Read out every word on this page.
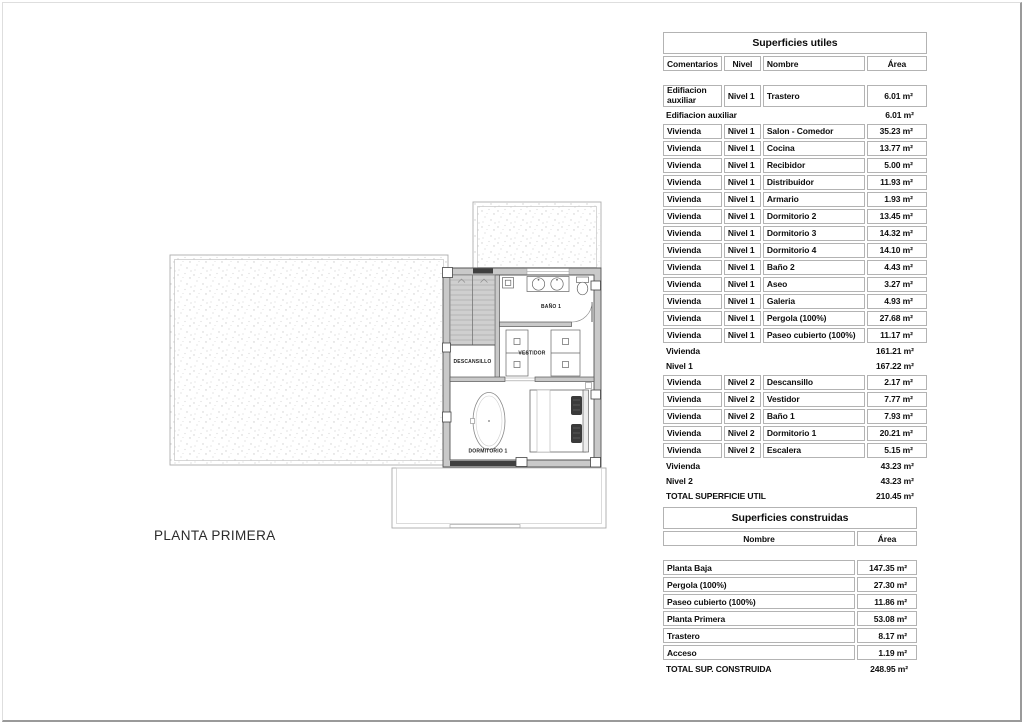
DESCANSILLO
VESTIDOR
BAÑO 1
DORMITORIO 1
PLANTA PRIMERA
Superficies utiles			
Comentarios	Nivel	Nombre	Área

Edifiacion auxiliar	Nivel 1	Trastero	6.01 m²
Edifiacion auxiliar			6.01 m²
Vivienda	Nivel 1	Salon - Comedor	35.23 m²
Vivienda	Nivel 1	Cocina	13.77 m²
Vivienda	Nivel 1	Recibidor	5.00 m²
Vivienda	Nivel 1	Distribuidor	11.93 m²
Vivienda	Nivel 1	Armario	1.93 m²
Vivienda	Nivel 1	Dormitorio 2	13.45 m²
Vivienda	Nivel 1	Dormitorio 3	14.32 m²
Vivienda	Nivel 1	Dormitorio 4	14.10 m²
Vivienda	Nivel 1	Baño 2	4.43 m²
Vivienda	Nivel 1	Aseo	3.27 m²
Vivienda	Nivel 1	Galeria	4.93 m²
Vivienda	Nivel 1	Pergola (100%)	27.68 m²
Vivienda	Nivel 1	Paseo cubierto (100%)	11.17 m²
Vivienda			161.21 m²
Nivel 1			167.22 m²
Vivienda	Nivel 2	Descansillo	2.17 m²
Vivienda	Nivel 2	Vestidor	7.77 m²
Vivienda	Nivel 2	Baño 1	7.93 m²
Vivienda	Nivel 2	Dormitorio 1	20.21 m²
Vivienda	Nivel 2	Escalera	5.15 m²
Vivienda			43.23 m²
Nivel 2			43.23 m²
TOTAL SUPERFICIE UTIL			210.45 m²
Superficies construidas	
Nombre	Área

Planta Baja	147.35 m²
Pergola (100%)	27.30 m²
Paseo cubierto (100%)	11.86 m²
Planta Primera	53.08 m²
Trastero	8.17 m²
Acceso	1.19 m²
TOTAL SUP. CONSTRUIDA	248.95 m²
